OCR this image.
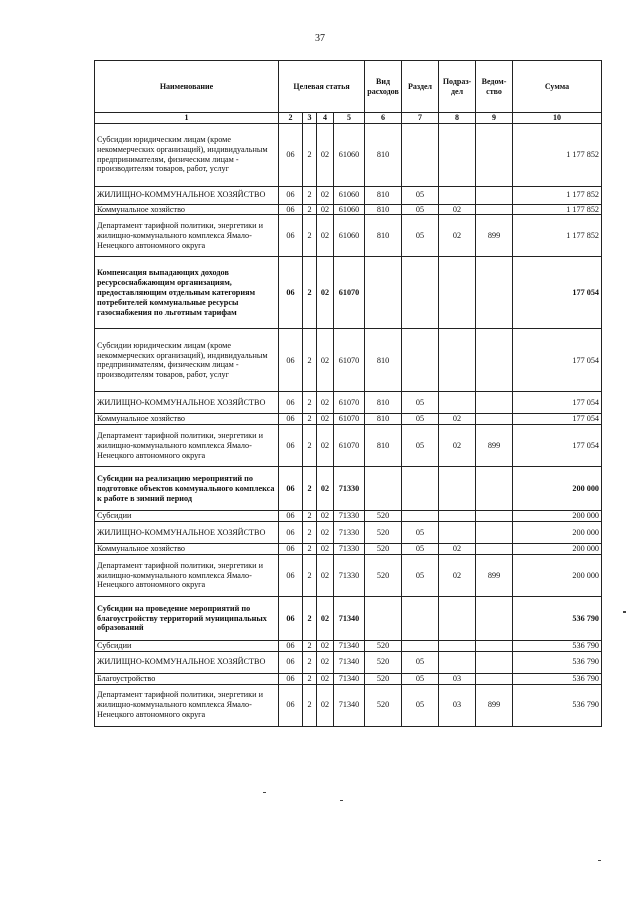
37
Наименование	Целевая статья				Вид расходов	Раздел	Подраз-дел	Ведом-ство	Сумма
1	2	3	4	5	6	7	8	9	10
Субсидии юридическим лицам (кроме некоммерческих организаций), индивидуальным предпринимателям, физическим лицам - производителям товаров, работ, услуг	06	2	02	61060	810				1 177 852
ЖИЛИЩНО-КОММУНАЛЬНОЕ ХОЗЯЙСТВО	06	2	02	61060	810	05			1 177 852
Коммунальное хозяйство	06	2	02	61060	810	05	02		1 177 852
Департамент тарифной политики, энергетики и жилищно-коммунального комплекса Ямало-Ненецкого автономного округа	06	2	02	61060	810	05	02	899	1 177 852
Компенсация выпадающих доходов ресурсоснабжающим организациям, предоставляющим отдельным категориям потребителей коммунальные ресурсы газоснабжения по льготным тарифам	06	2	02	61070					177 054
Субсидии юридическим лицам (кроме некоммерческих организаций), индивидуальным предпринимателям, физическим лицам - производителям товаров, работ, услуг	06	2	02	61070	810				177 054
ЖИЛИЩНО-КОММУНАЛЬНОЕ ХОЗЯЙСТВО	06	2	02	61070	810	05			177 054
Коммунальное хозяйство	06	2	02	61070	810	05	02		177 054
Департамент тарифной политики, энергетики и жилищно-коммунального комплекса Ямало-Ненецкого автономного округа	06	2	02	61070	810	05	02	899	177 054
Субсидии на реализацию мероприятий по подготовке объектов коммунального комплекса к работе в зимний период	06	2	02	71330					200 000
Субсидии	06	2	02	71330	520				200 000
ЖИЛИЩНО-КОММУНАЛЬНОЕ ХОЗЯЙСТВО	06	2	02	71330	520	05			200 000
Коммунальное хозяйство	06	2	02	71330	520	05	02		200 000
Департамент тарифной политики, энергетики и жилищно-коммунального комплекса Ямало-Ненецкого автономного округа	06	2	02	71330	520	05	02	899	200 000
Субсидии на проведение мероприятий по благоустройству территорий муниципальных образований	06	2	02	71340					536 790
Субсидии	06	2	02	71340	520				536 790
ЖИЛИЩНО-КОММУНАЛЬНОЕ ХОЗЯЙСТВО	06	2	02	71340	520	05			536 790
Благоустройство	06	2	02	71340	520	05	03		536 790
Департамент тарифной политики, энергетики и жилищно-коммунального комплекса Ямало-Ненецкого автономного округа	06	2	02	71340	520	05	03	899	536 790
